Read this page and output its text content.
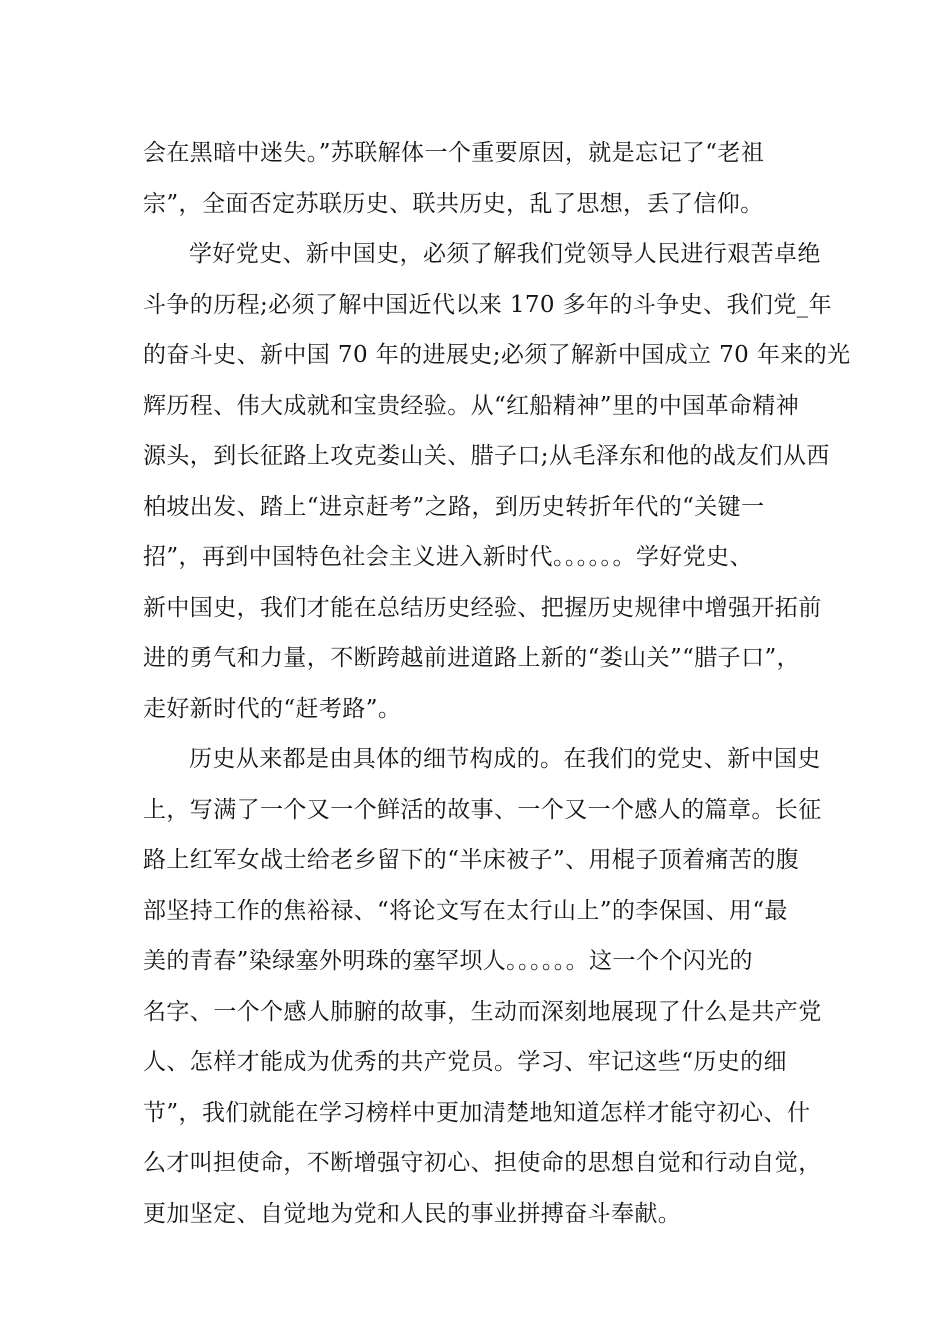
会在黑暗中迷失。”苏联解体一个重要原因，就是忘记了“老祖
宗”，全面否定苏联历史、联共历史，乱了思想，丢了信仰。
学好党史、新中国史，必须了解我们党领导人民进行艰苦卓绝
斗争的历程;必须了解中国近代以来 170 多年的斗争史、我们党_年
的奋斗史、新中国 70 年的进展史;必须了解新中国成立 70 年来的光
辉历程、伟大成就和宝贵经验。从“红船精神”里的中国革命精神
源头，到长征路上攻克娄山关、腊子口;从毛泽东和他的战友们从西
柏坡出发、踏上“进京赶考”之路，到历史转折年代的“关键一
招”，再到中国特色社会主义进入新时代。。。。。。学好党史、
新中国史，我们才能在总结历史经验、把握历史规律中增强开拓前
进的勇气和力量，不断跨越前进道路上新的“娄山关”“腊子口”，
走好新时代的“赶考路”。
历史从来都是由具体的细节构成的。在我们的党史、新中国史
上，写满了一个又一个鲜活的故事、一个又一个感人的篇章。长征
路上红军女战士给老乡留下的“半床被子”、用棍子顶着痛苦的腹
部坚持工作的焦裕禄、“将论文写在太行山上”的李保国、用“最
美的青春”染绿塞外明珠的塞罕坝人。。。。。。这一个个闪光的
名字、一个个感人肺腑的故事，生动而深刻地展现了什么是共产党
人、怎样才能成为优秀的共产党员。学习、牢记这些“历史的细
节”，我们就能在学习榜样中更加清楚地知道怎样才能守初心、什
么才叫担使命，不断增强守初心、担使命的思想自觉和行动自觉，
更加坚定、自觉地为党和人民的事业拼搏奋斗奉献。
